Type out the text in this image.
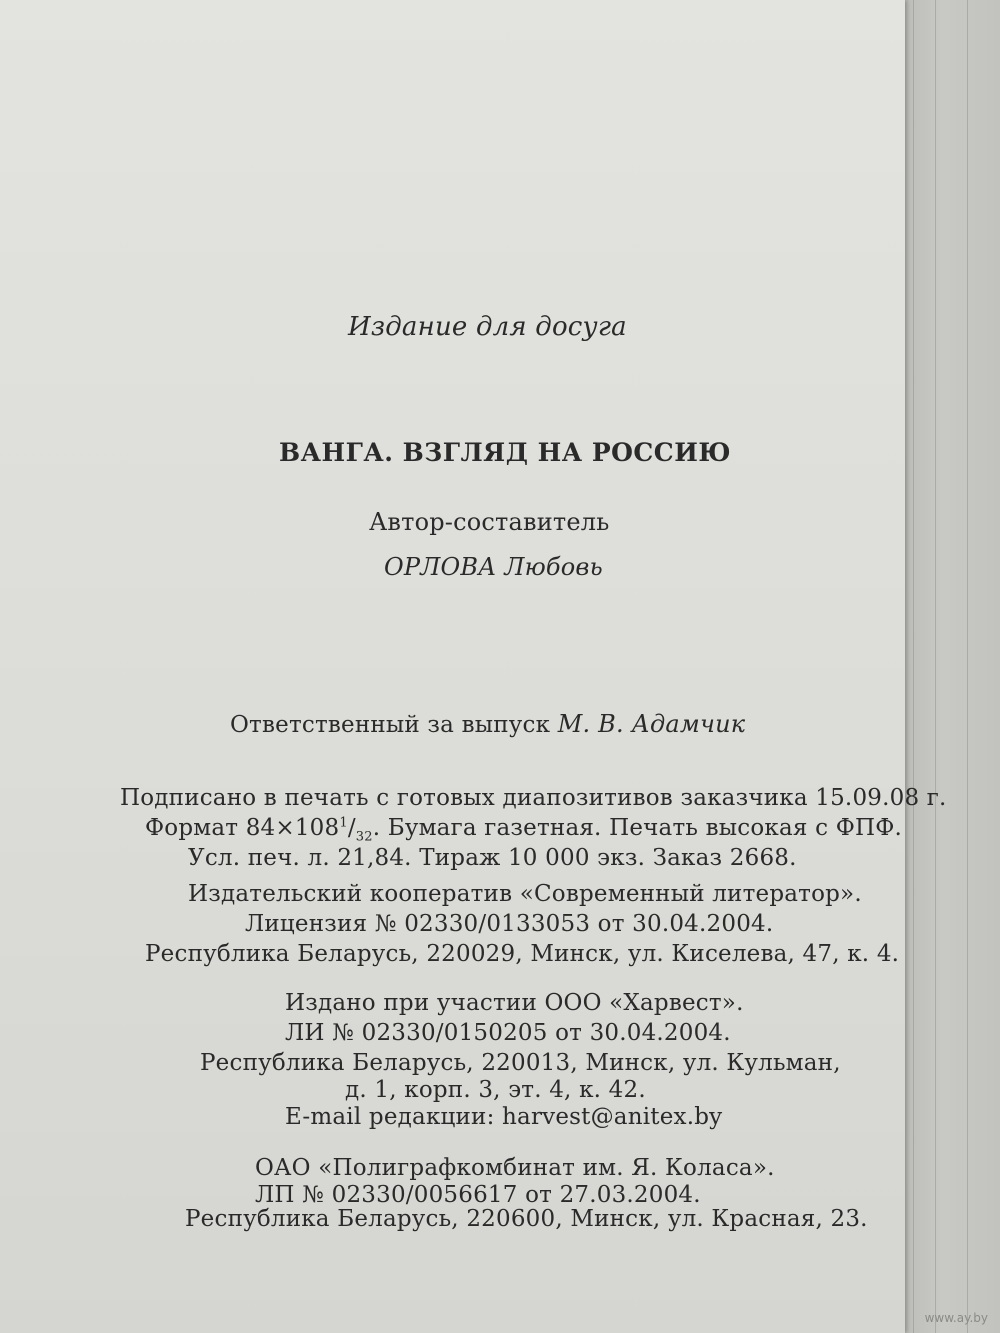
Издание для досуга
ВАНГА. ВЗГЛЯД НА РОССИЮ
Автор-составитель
ОРЛОВА Любовь
Ответственный за выпуск М. В. Адамчик
Подписано в печать с готовых диапозитивов заказчика 15.09.08 г.
Формат $84\times 108^1/_{32}$. Бумага газетная. Печать высокая с ФПФ.
Усл. печ. л. 21,84. Тираж 10 000 экз. Заказ 2668.
Издательский кооператив «Современный литератор».
Лицензия № 02330/0133053 от 30.04.2004.
Республика Беларусь, 220029, Минск, ул. Киселева, 47, к. 4.
Издано при участии ООО «Харвест».
ЛИ № 02330/0150205 от 30.04.2004.
Республика Беларусь, 220013, Минск, ул. Кульман,
д. 1, корп. 3, эт. 4, к. 42.
E-mail редакции: harvest@anitex.by
ОАО «Полиграфкомбинат им. Я. Коласа».
ЛП № 02330/0056617 от 27.03.2004.
Республика Беларусь, 220600, Минск, ул. Красная, 23.
www.ay.by
